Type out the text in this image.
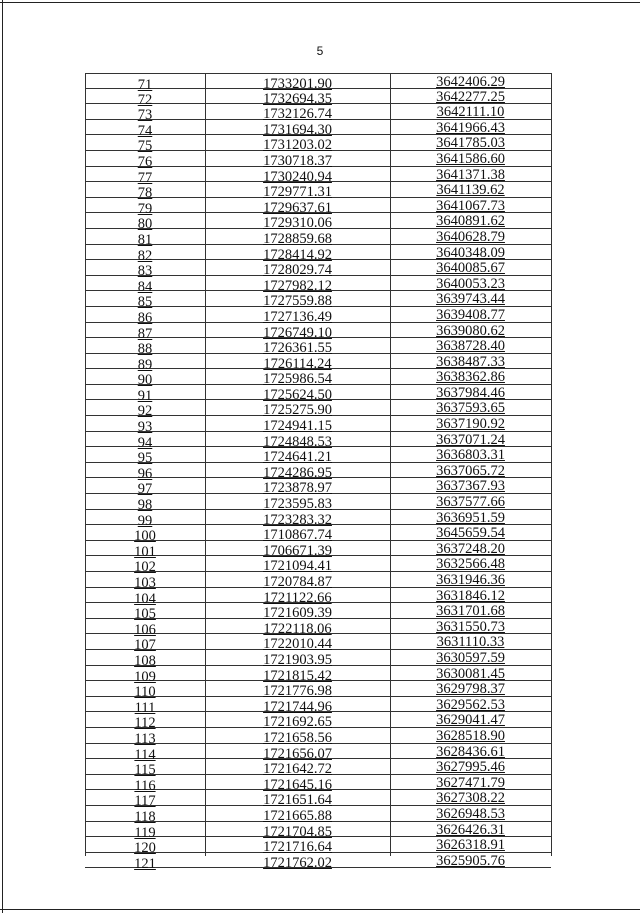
5
71	1733201.90	3642406.29
72	1732694.35	3642277.25
73	1732126.74	3642111.10
74	1731694.30	3641966.43
75	1731203.02	3641785.03
76	1730718.37	3641586.60
77	1730240.94	3641371.38
78	1729771.31	3641139.62
79	1729637.61	3641067.73
80	1729310.06	3640891.62
81	1728859.68	3640628.79
82	1728414.92	3640348.09
83	1728029.74	3640085.67
84	1727982.12	3640053.23
85	1727559.88	3639743.44
86	1727136.49	3639408.77
87	1726749.10	3639080.62
88	1726361.55	3638728.40
89	1726114.24	3638487.33
90	1725986.54	3638362.86
91	1725624.50	3637984.46
92	1725275.90	3637593.65
93	1724941.15	3637190.92
94	1724848.53	3637071.24
95	1724641.21	3636803.31
96	1724286.95	3637065.72
97	1723878.97	3637367.93
98	1723595.83	3637577.66
99	1723283.32	3636951.59
100	1710867.74	3645659.54
101	1706671.39	3637248.20
102	1721094.41	3632566.48
103	1720784.87	3631946.36
104	1721122.66	3631846.12
105	1721609.39	3631701.68
106	1722118.06	3631550.73
107	1722010.44	3631110.33
108	1721903.95	3630597.59
109	1721815.42	3630081.45
110	1721776.98	3629798.37
111	1721744.96	3629562.53
112	1721692.65	3629041.47
113	1721658.56	3628518.90
114	1721656.07	3628436.61
115	1721642.72	3627995.46
116	1721645.16	3627471.79
117	1721651.64	3627308.22
118	1721665.88	3626948.53
119	1721704.85	3626426.31
120	1721716.64	3626318.91
121	1721762.02	3625905.76
